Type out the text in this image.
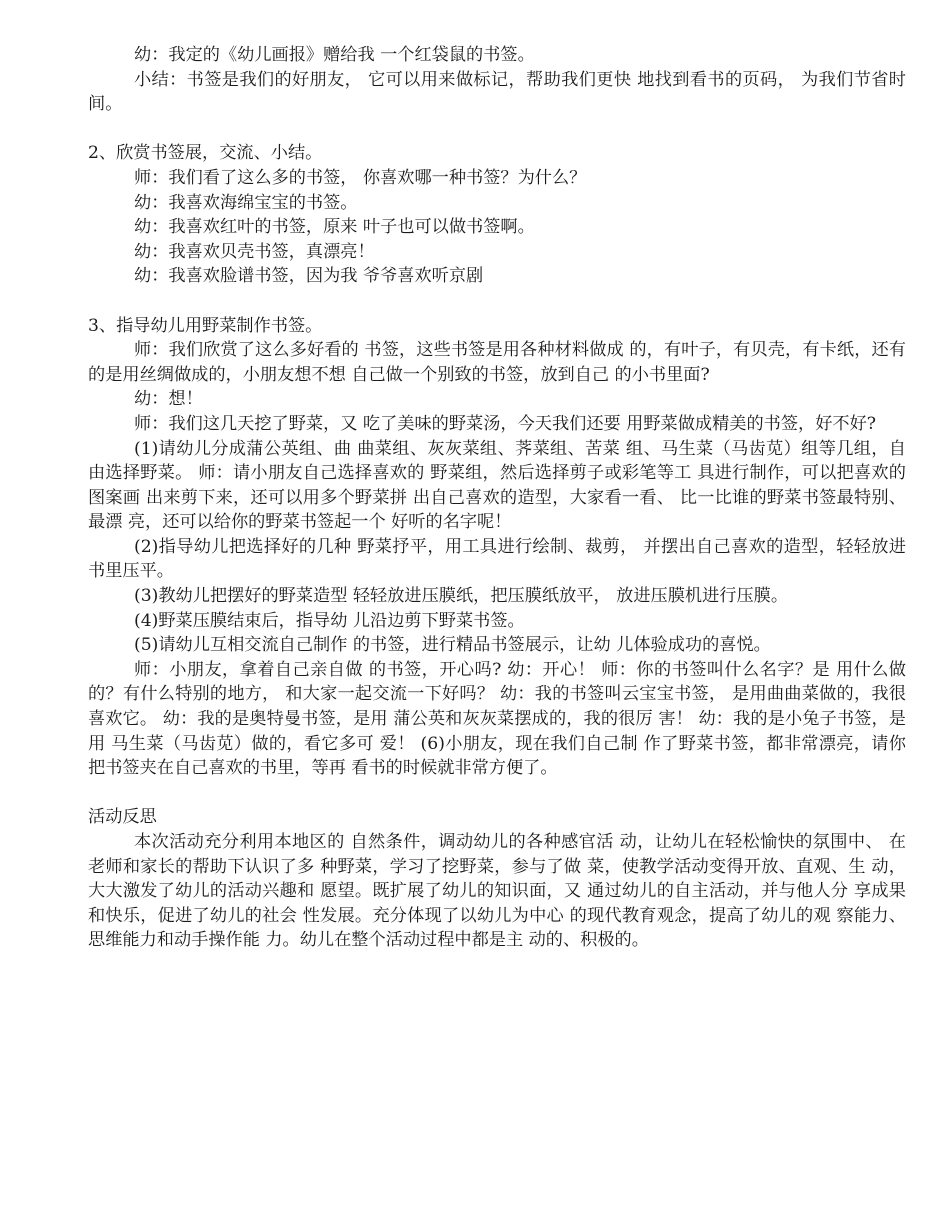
幼：我定的《幼儿画报》赠给我 一个红袋鼠的书签。

小结：书签是我们的好朋友， 它可以用来做标记，帮助我们更快 地找到看书的页码， 为我们节省时 间。

2、欣赏书签展，交流、小结。

师：我们看了这么多的书签， 你喜欢哪一种书签？为什么？

幼：我喜欢海绵宝宝的书签。

幼：我喜欢红叶的书签，原来 叶子也可以做书签啊。

幼：我喜欢贝壳书签，真漂亮！

幼：我喜欢脸谱书签，因为我 爷爷喜欢听京剧

3、指导幼儿用野菜制作书签。

师：我们欣赏了这么多好看的 书签，这些书签是用各种材料做成 的，有叶子，有贝壳，有卡纸，还有 的是用丝绸做成的，小朋友想不想 自己做一个别致的书签，放到自己 的小书里面?

幼：想！

师：我们这几天挖了野菜，又 吃了美味的野菜汤，今天我们还要 用野菜做成精美的书签，好不好?

(1)请幼儿分成蒲公英组、曲 曲菜组、灰灰菜组、荠菜组、苦菜 组、马生菜（马齿苋）组等几组，自 由选择野菜。 师：请小朋友自己选择喜欢的 野菜组，然后选择剪子或彩笔等工 具进行制作，可以把喜欢的图案画 出来剪下来，还可以用多个野菜拼 出自己喜欢的造型，大家看一看、 比一比谁的野菜书签最特别、最漂 亮，还可以给你的野菜书签起一个 好听的名字呢！

(2)指导幼儿把选择好的几种 野菜抒平，用工具进行绘制、裁剪， 并摆出自己喜欢的造型，轻轻放进 书里压平。

(3)教幼儿把摆好的野菜造型 轻轻放进压膜纸，把压膜纸放平， 放进压膜机进行压膜。

(4)野菜压膜结束后，指导幼 儿沿边剪下野菜书签。

(5)请幼儿互相交流自己制作 的书签，进行精品书签展示，让幼 儿体验成功的喜悦。

师：小朋友，拿着自己亲自做 的书签，开心吗? 幼：开心！ 师：你的书签叫什么名字？是 用什么做的？有什么特别的地方， 和大家一起交流一下好吗？ 幼：我的书签叫云宝宝书签， 是用曲曲菜做的，我很喜欢它。 幼：我的是奥特曼书签，是用 蒲公英和灰灰菜摆成的，我的很厉 害！ 幼：我的是小兔子书签，是用 马生菜（马齿苋）做的，看它多可 爱！ (6)小朋友，现在我们自己制 作了野菜书签，都非常漂亮，请你 把书签夹在自己喜欢的书里，等再 看书的时候就非常方便了。

活动反思

本次活动充分利用本地区的 自然条件，调动幼儿的各种感官活 动，让幼儿在轻松愉快的氛围中、 在老师和家长的帮助下认识了多 种野菜，学习了挖野菜，参与了做 菜，使教学活动变得开放、直观、生 动，大大激发了幼儿的活动兴趣和 愿望。既扩展了幼儿的知识面，又 通过幼儿的自主活动，并与他人分 享成果和快乐，促进了幼儿的社会 性发展。充分体现了以幼儿为中心 的现代教育观念，提高了幼儿的观 察能力、思维能力和动手操作能 力。幼儿在整个活动过程中都是主 动的、积极的。
